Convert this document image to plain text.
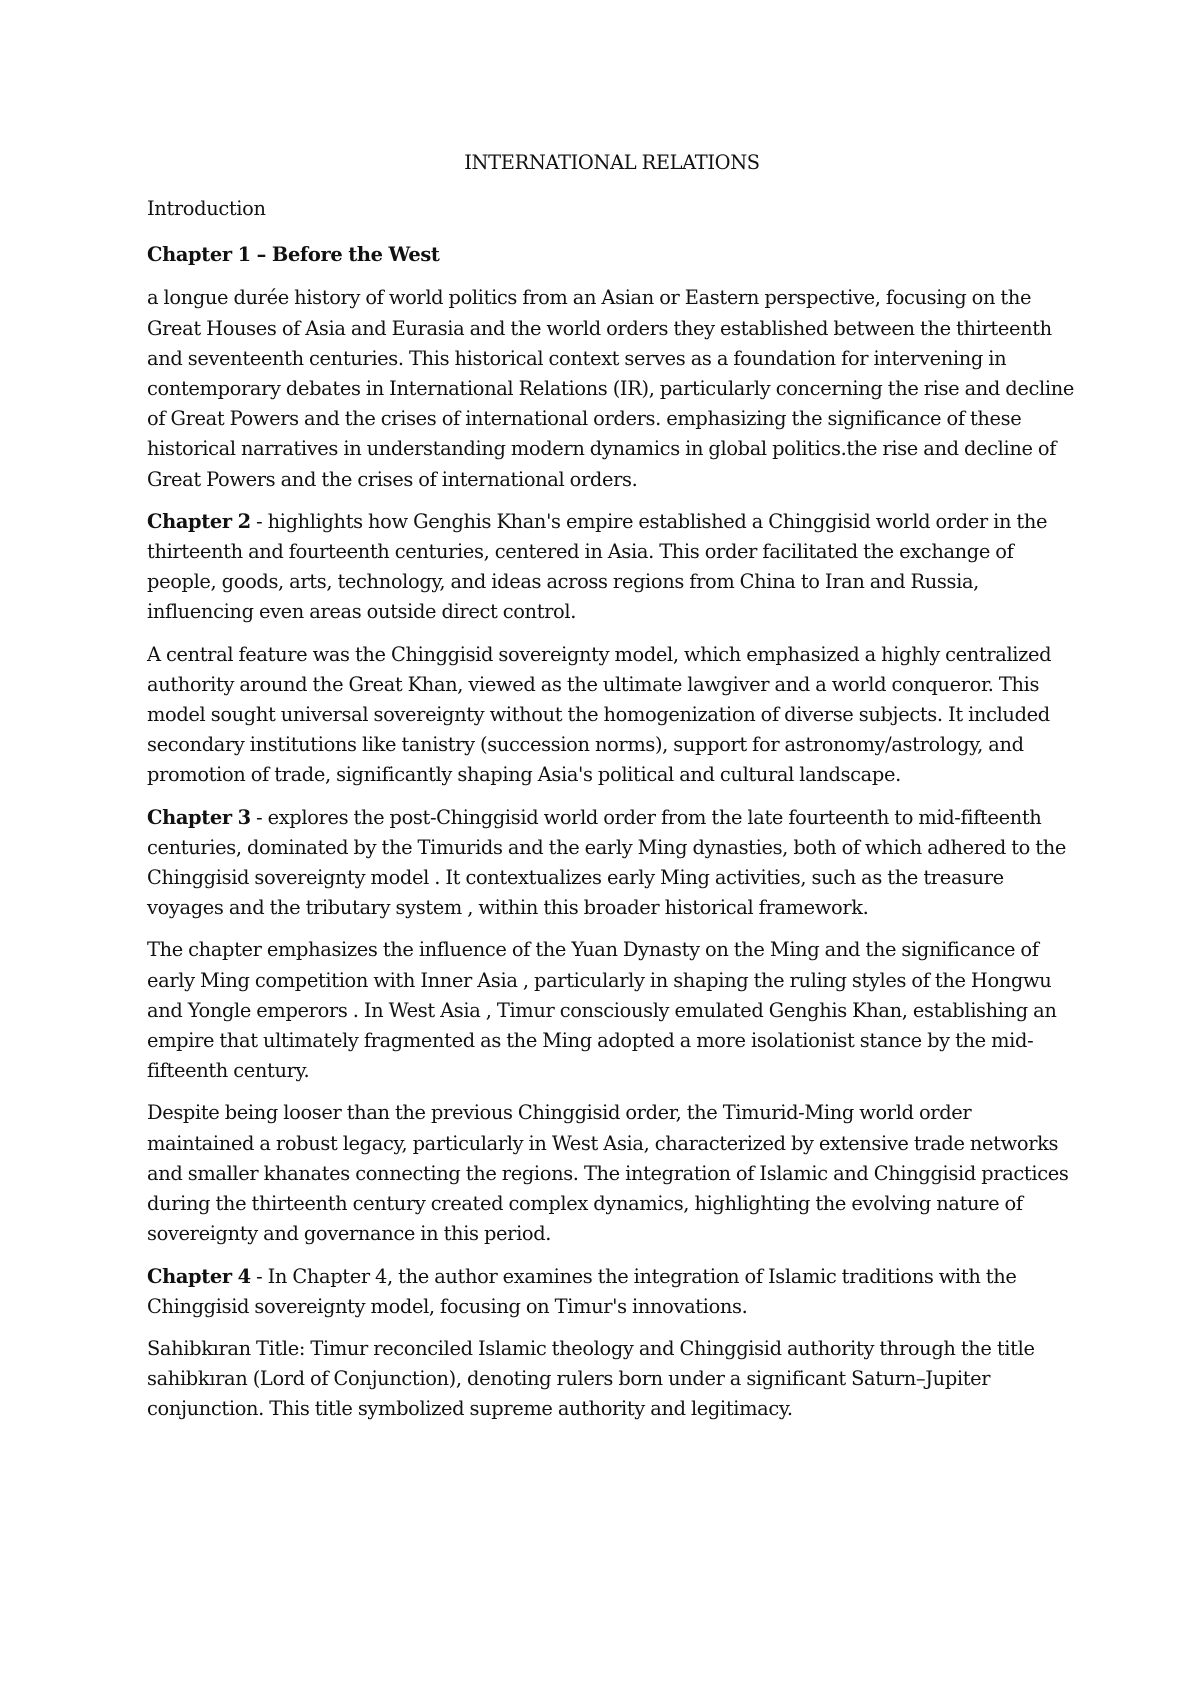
INTERNATIONAL RELATIONS

Introduction

Chapter 1 – Before the West

a longue durée history of world politics from an Asian or Eastern perspective, focusing on the Great Houses of Asia and Eurasia and the world orders they established between the thirteenth and seventeenth centuries. This historical context serves as a foundation for intervening in contemporary debates in International Relations (IR), particularly concerning the rise and decline of Great Powers and the crises of international orders. emphasizing the significance of these historical narratives in understanding modern dynamics in global politics.the rise and decline of Great Powers and the crises of international orders.

Chapter 2 - highlights how Genghis Khan's empire established a Chinggisid world order in the thirteenth and fourteenth centuries, centered in Asia. This order facilitated the exchange of people, goods, arts, technology, and ideas across regions from China to Iran and Russia, influencing even areas outside direct control.

A central feature was the Chinggisid sovereignty model, which emphasized a highly centralized authority around the Great Khan, viewed as the ultimate lawgiver and a world conqueror. This model sought universal sovereignty without the homogenization of diverse subjects. It included secondary institutions like tanistry (succession norms), support for astronomy/astrology, and promotion of trade, significantly shaping Asia's political and cultural landscape.

Chapter 3 - explores the post-Chinggisid world order from the late fourteenth to mid-fifteenth centuries, dominated by the Timurids and the early Ming dynasties, both of which adhered to the Chinggisid sovereignty model . It contextualizes early Ming activities, such as the treasure voyages and the tributary system , within this broader historical framework.

The chapter emphasizes the influence of the Yuan Dynasty on the Ming and the significance of early Ming competition with Inner Asia , particularly in shaping the ruling styles of the Hongwu and Yongle emperors . In West Asia , Timur consciously emulated Genghis Khan, establishing an empire that ultimately fragmented as the Ming adopted a more isolationist stance by the mid-fifteenth century.

Despite being looser than the previous Chinggisid order, the Timurid-Ming world order maintained a robust legacy, particularly in West Asia, characterized by extensive trade networks and smaller khanates connecting the regions. The integration of Islamic and Chinggisid practices during the thirteenth century created complex dynamics, highlighting the evolving nature of sovereignty and governance in this period.

Chapter 4 - In Chapter 4, the author examines the integration of Islamic traditions with the Chinggisid sovereignty model, focusing on Timur's innovations.

Sahibkıran Title: Timur reconciled Islamic theology and Chinggisid authority through the title sahibkıran (Lord of Conjunction), denoting rulers born under a significant Saturn–Jupiter conjunction. This title symbolized supreme authority and legitimacy.
